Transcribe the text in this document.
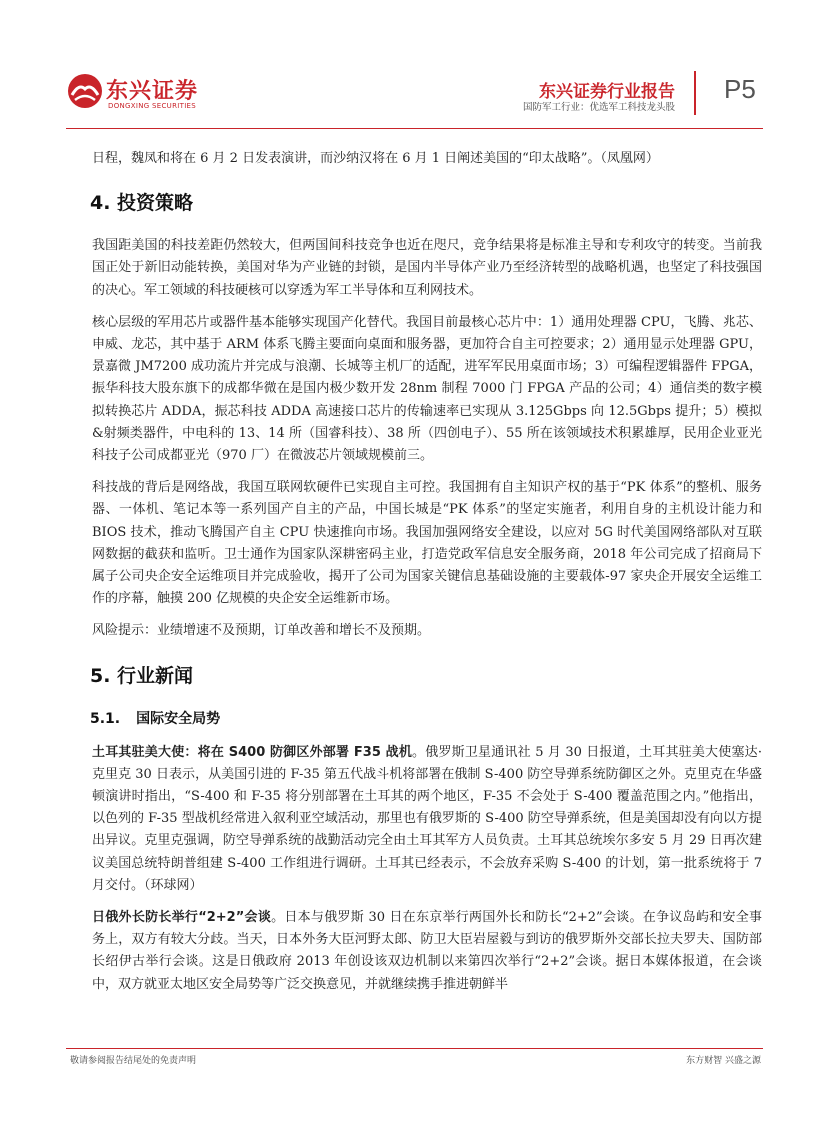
东兴证券
DONGXING SECURITIES
东兴证券行业报告
国防军工行业：优选军工科技龙头股
P5

日程，魏凤和将在 6 月 2 日发表演讲，而沙纳汉将在 6 月 1 日阐述美国的“印太战略”。（凤凰网）

4. 投资策略

我国距美国的科技差距仍然较大，但两国间科技竞争也近在咫尺，竞争结果将是标准主导和专利攻守的转变。当前我国正处于新旧动能转换，美国对华为产业链的封锁，是国内半导体产业乃至经济转型的战略机遇，也坚定了科技强国的决心。军工领域的科技硬核可以穿透为军工半导体和互利网技术。

核心层级的军用芯片或器件基本能够实现国产化替代。我国目前最核心芯片中：1）通用处理器 CPU，飞腾、兆芯、申威、龙芯，其中基于 ARM 体系飞腾主要面向桌面和服务器，更加符合自主可控要求；2）通用显示处理器 GPU，景嘉微 JM7200 成功流片并完成与浪潮、长城等主机厂的适配，进军军民用桌面市场；3）可编程逻辑器件 FPGA，振华科技大股东旗下的成都华微在是国内极少数开发 28nm 制程 7000 门 FPGA 产品的公司；4）通信类的数字模拟转换芯片 ADDA，振芯科技 ADDA 高速接口芯片的传输速率已实现从 3.125Gbps 向 12.5Gbps 提升；5）模拟&射频类器件，中电科的 13、14 所（国睿科技）、38 所（四创电子）、55 所在该领域技术积累雄厚，民用企业亚光科技子公司成都亚光（970 厂）在微波芯片领域规模前三。

科技战的背后是网络战，我国互联网软硬件已实现自主可控。我国拥有自主知识产权的基于“PK 体系”的整机、服务器、一体机、笔记本等一系列国产自主的产品，中国长城是“PK 体系”的坚定实施者，利用自身的主机设计能力和 BIOS 技术，推动飞腾国产自主 CPU 快速推向市场。我国加强网络安全建设，以应对 5G 时代美国网络部队对互联网数据的截获和监听。卫士通作为国家队深耕密码主业，打造党政军信息安全服务商，2018 年公司完成了招商局下属子公司央企安全运维项目并完成验收，揭开了公司为国家关键信息基础设施的主要载体-97 家央企开展安全运维工作的序幕，触摸 200 亿规模的央企安全运维新市场。

风险提示：业绩增速不及预期，订单改善和增长不及预期。

5. 行业新闻
5.1. 国际安全局势

土耳其驻美大使：将在 S400 防御区外部署 F35 战机。俄罗斯卫星通讯社 5 月 30 日报道，土耳其驻美大使塞达·克里克 30 日表示，从美国引进的 F-35 第五代战斗机将部署在俄制 S-400 防空导弹系统防御区之外。克里克在华盛顿演讲时指出，“S-400 和 F-35 将分别部署在土耳其的两个地区，F-35 不会处于 S-400 覆盖范围之内。”他指出，以色列的 F-35 型战机经常进入叙利亚空域活动，那里也有俄罗斯的 S-400 防空导弹系统，但是美国却没有向以方提出异议。克里克强调，防空导弹系统的战勤活动完全由土耳其军方人员负责。土耳其总统埃尔多安 5 月 29 日再次建议美国总统特朗普组建 S-400 工作组进行调研。土耳其已经表示，不会放弃采购 S-400 的计划，第一批系统将于 7 月交付。（环球网）

日俄外长防长举行“2+2”会谈。日本与俄罗斯 30 日在东京举行两国外长和防长“2+2”会谈。在争议岛屿和安全事务上，双方有较大分歧。当天，日本外务大臣河野太郎、防卫大臣岩屋毅与到访的俄罗斯外交部长拉夫罗夫、国防部长绍伊古举行会谈。这是日俄政府 2013 年创设该双边机制以来第四次举行“2+2”会谈。据日本媒体报道，在会谈中，双方就亚太地区安全局势等广泛交换意见，并就继续携手推进朝鲜半

敬请参阅报告结尾处的免责声明	东方财智 兴盛之源
